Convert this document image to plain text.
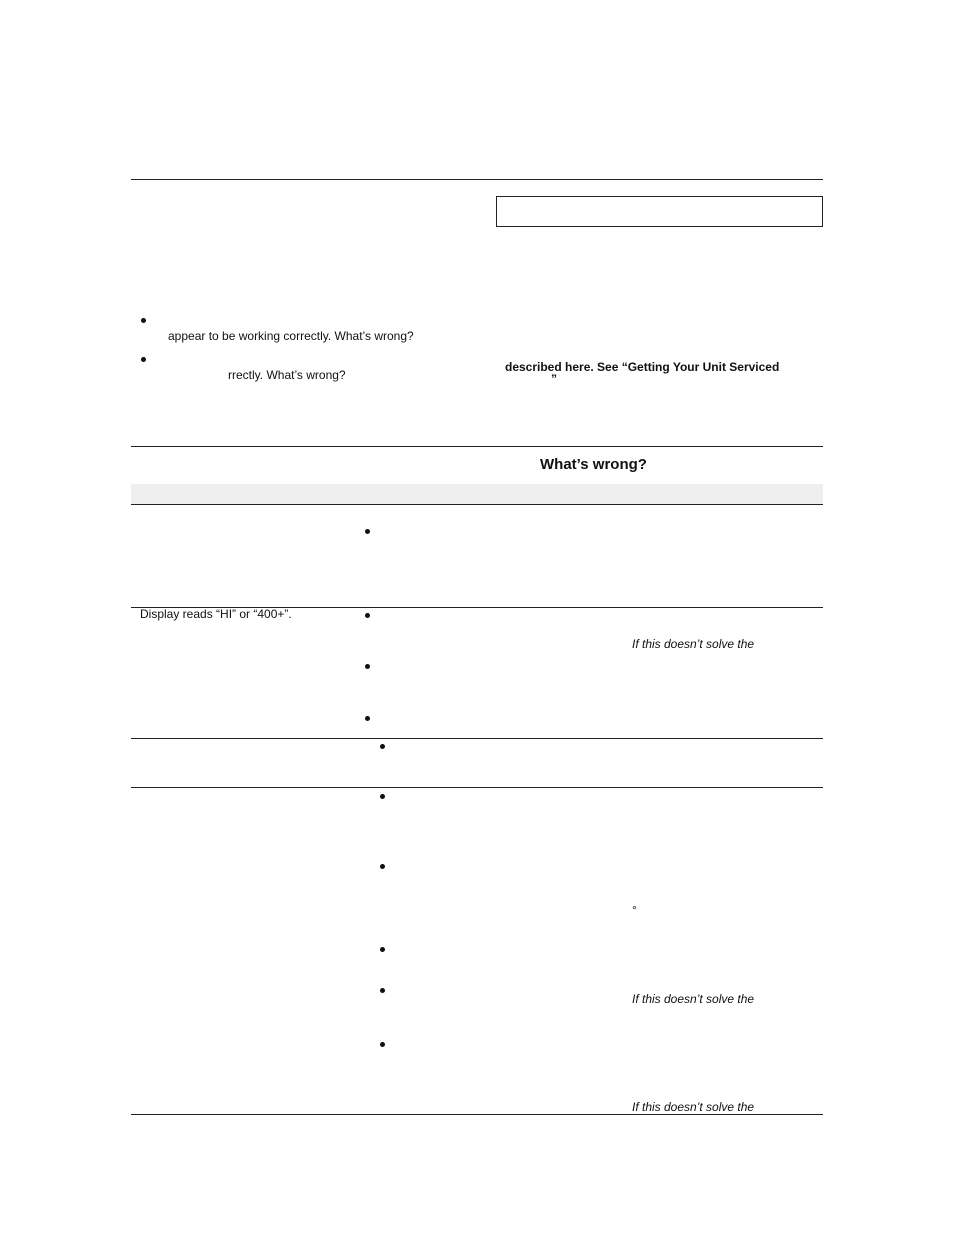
appear to be working correctly. What’s wrong?
rrectly. What’s wrong?
described here. See “Getting Your Unit Serviced
”
What’s wrong?
Display reads “HI” or “400+”.
If this doesn’t solve the
°
If this doesn’t solve the
If this doesn’t solve the
